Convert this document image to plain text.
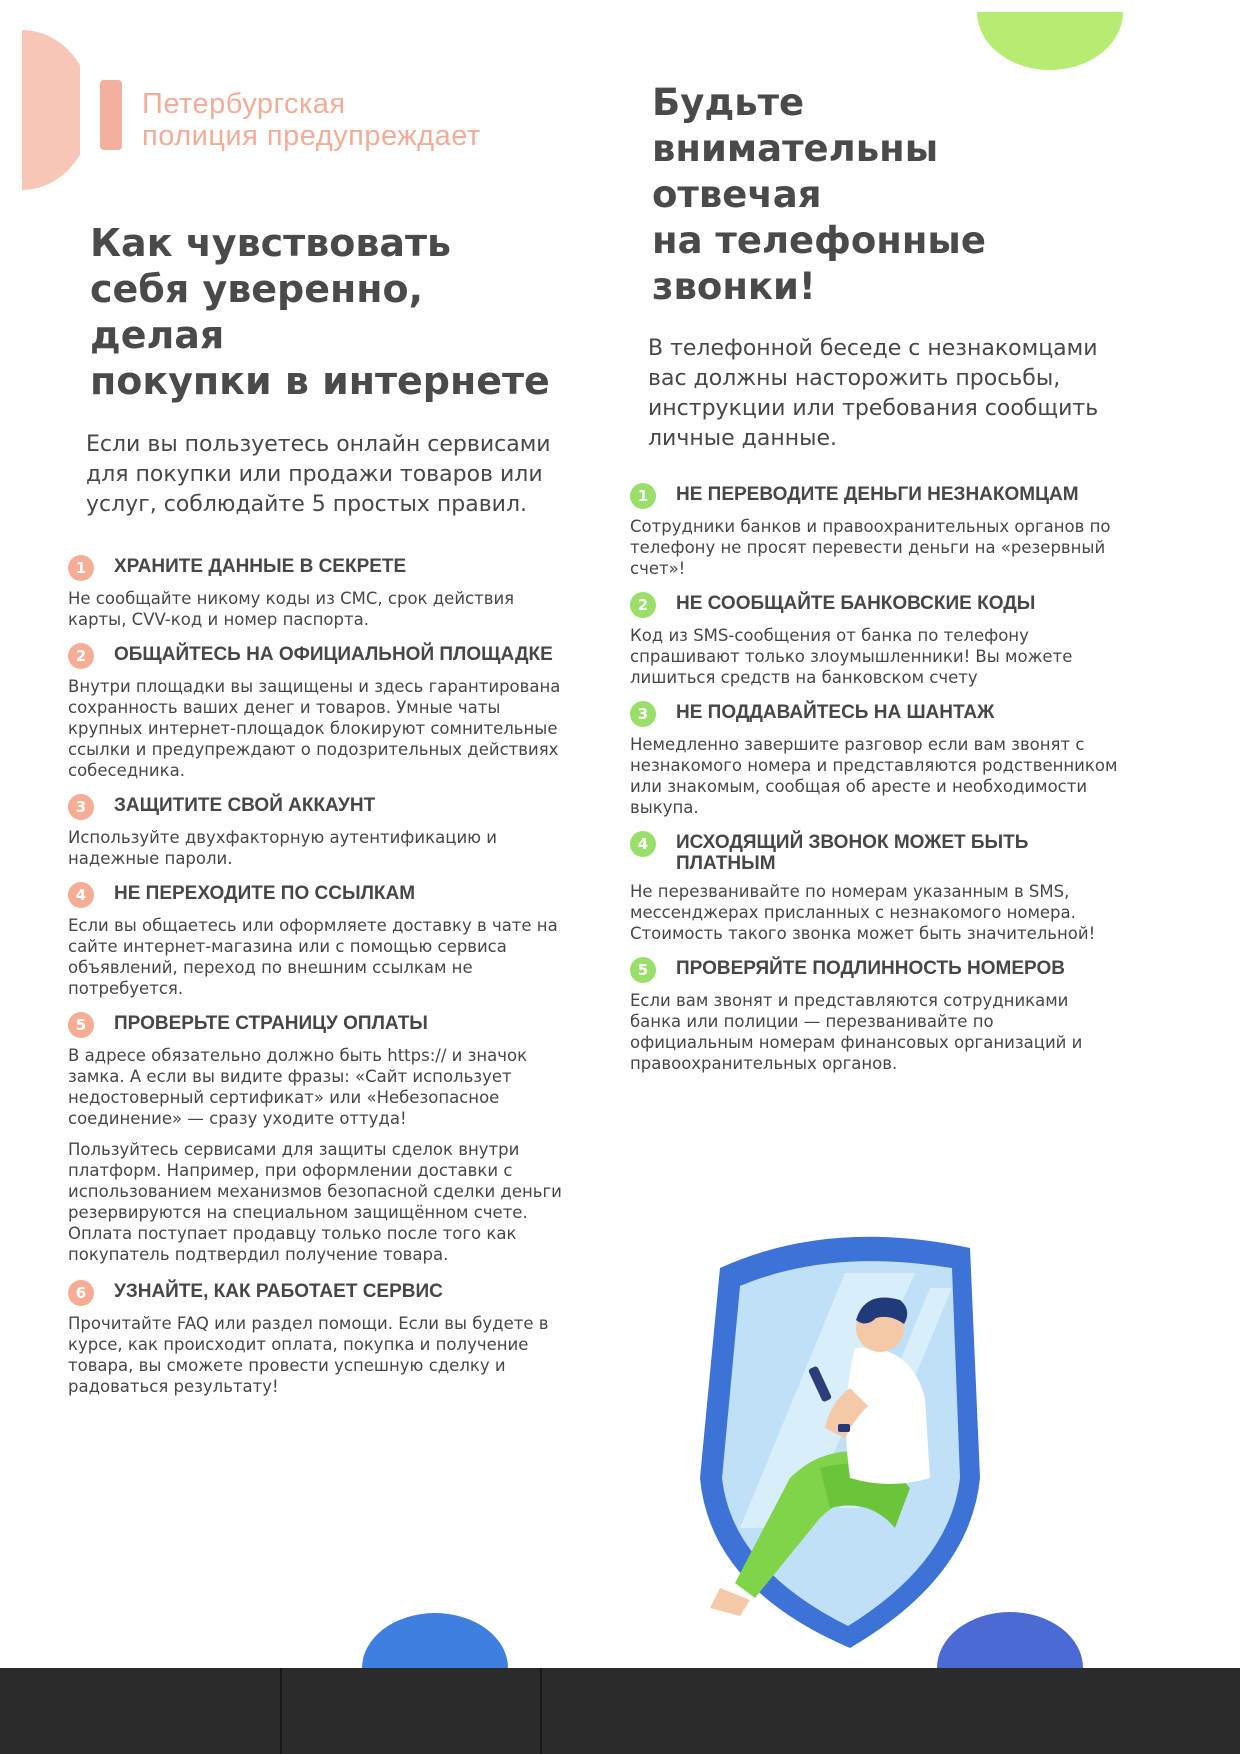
Петербургская
полиция предупреждает
Как чувствовать
себя уверенно, делая
покупки в интернете
Если вы пользуетесь онлайн сервисами для покупки или продажи товаров или услуг, соблюдайте 5 простых правил.
1	ХРАНИТЕ ДАННЫЕ В СЕКРЕТЕ
Не сообщайте никому коды из СМС, срок действия карты, CVV-код и номер паспорта.
2	ОБЩАЙТЕСЬ НА ОФИЦИАЛЬНОЙ ПЛОЩАДКЕ
Внутри площадки вы защищены и здесь гарантирована сохранность ваших денег и товаров. Умные чаты крупных интернет-площадок блокируют сомнительные ссылки и предупреждают о подозрительных действиях собеседника.
3	ЗАЩИТИТЕ СВОЙ АККАУНТ
Используйте двухфакторную аутентификацию и надежные пароли.
4	НЕ ПЕРЕХОДИТЕ ПО ССЫЛКАМ
Если вы общаетесь или оформляете доставку в чате на сайте интернет-магазина или с помощью сервиса объявлений, переход по внешним ссылкам не потребуется.
5	ПРОВЕРЬТЕ СТРАНИЦУ ОПЛАТЫ
В адресе обязательно должно быть https:// и значок замка. А если вы видите фразы: «Сайт использует недостоверный сертификат» или «Небезопасное соединение» — сразу уходите оттуда!
Пользуйтесь сервисами для защиты сделок внутри платформ. Например, при оформлении доставки с использованием механизмов безопасной сделки деньги резервируются на специальном защищённом счете. Оплата поступает продавцу только после того как покупатель подтвердил получение товара.
6	УЗНАЙТЕ, КАК РАБОТАЕТ СЕРВИС
Прочитайте FAQ или раздел помощи. Если вы будете в курсе, как происходит оплата, покупка и получение товара, вы сможете провести успешную сделку и радоваться результату!
Будьте
внимательны отвечая
на телефонные
звонки!
В телефонной беседе с незнакомцами вас должны насторожить просьбы, инструкции или требования сообщить личные данные.
1	НЕ ПЕРЕВОДИТЕ ДЕНЬГИ НЕЗНАКОМЦАМ
Сотрудники банков и правоохранительных органов по телефону не просят перевести деньги на «резервный счет»!
2	НЕ СООБЩАЙТЕ БАНКОВСКИЕ КОДЫ
Код из SMS-сообщения от банка по телефону спрашивают только злоумышленники! Вы можете лишиться средств на банковском счету
3	НЕ ПОДДАВАЙТЕСЬ НА ШАНТАЖ
Немедленно завершите разговор если вам звонят с незнакомого номера и представляются родственником или знакомым, сообщая об аресте и необходимости выкупа.
4	ИСХОДЯЩИЙ ЗВОНОК МОЖЕТ БЫТЬ ПЛАТНЫМ
Не перезванивайте по номерам указанным в SMS, мессенджерах присланных с незнакомого номера. Стоимость такого звонка может быть значительной!
5	ПРОВЕРЯЙТЕ ПОДЛИННОСТЬ НОМЕРОВ
Если вам звонят и представляются сотрудниками банка или полиции — перезванивайте по официальным номерам финансовых организаций и правоохранительных органов.
